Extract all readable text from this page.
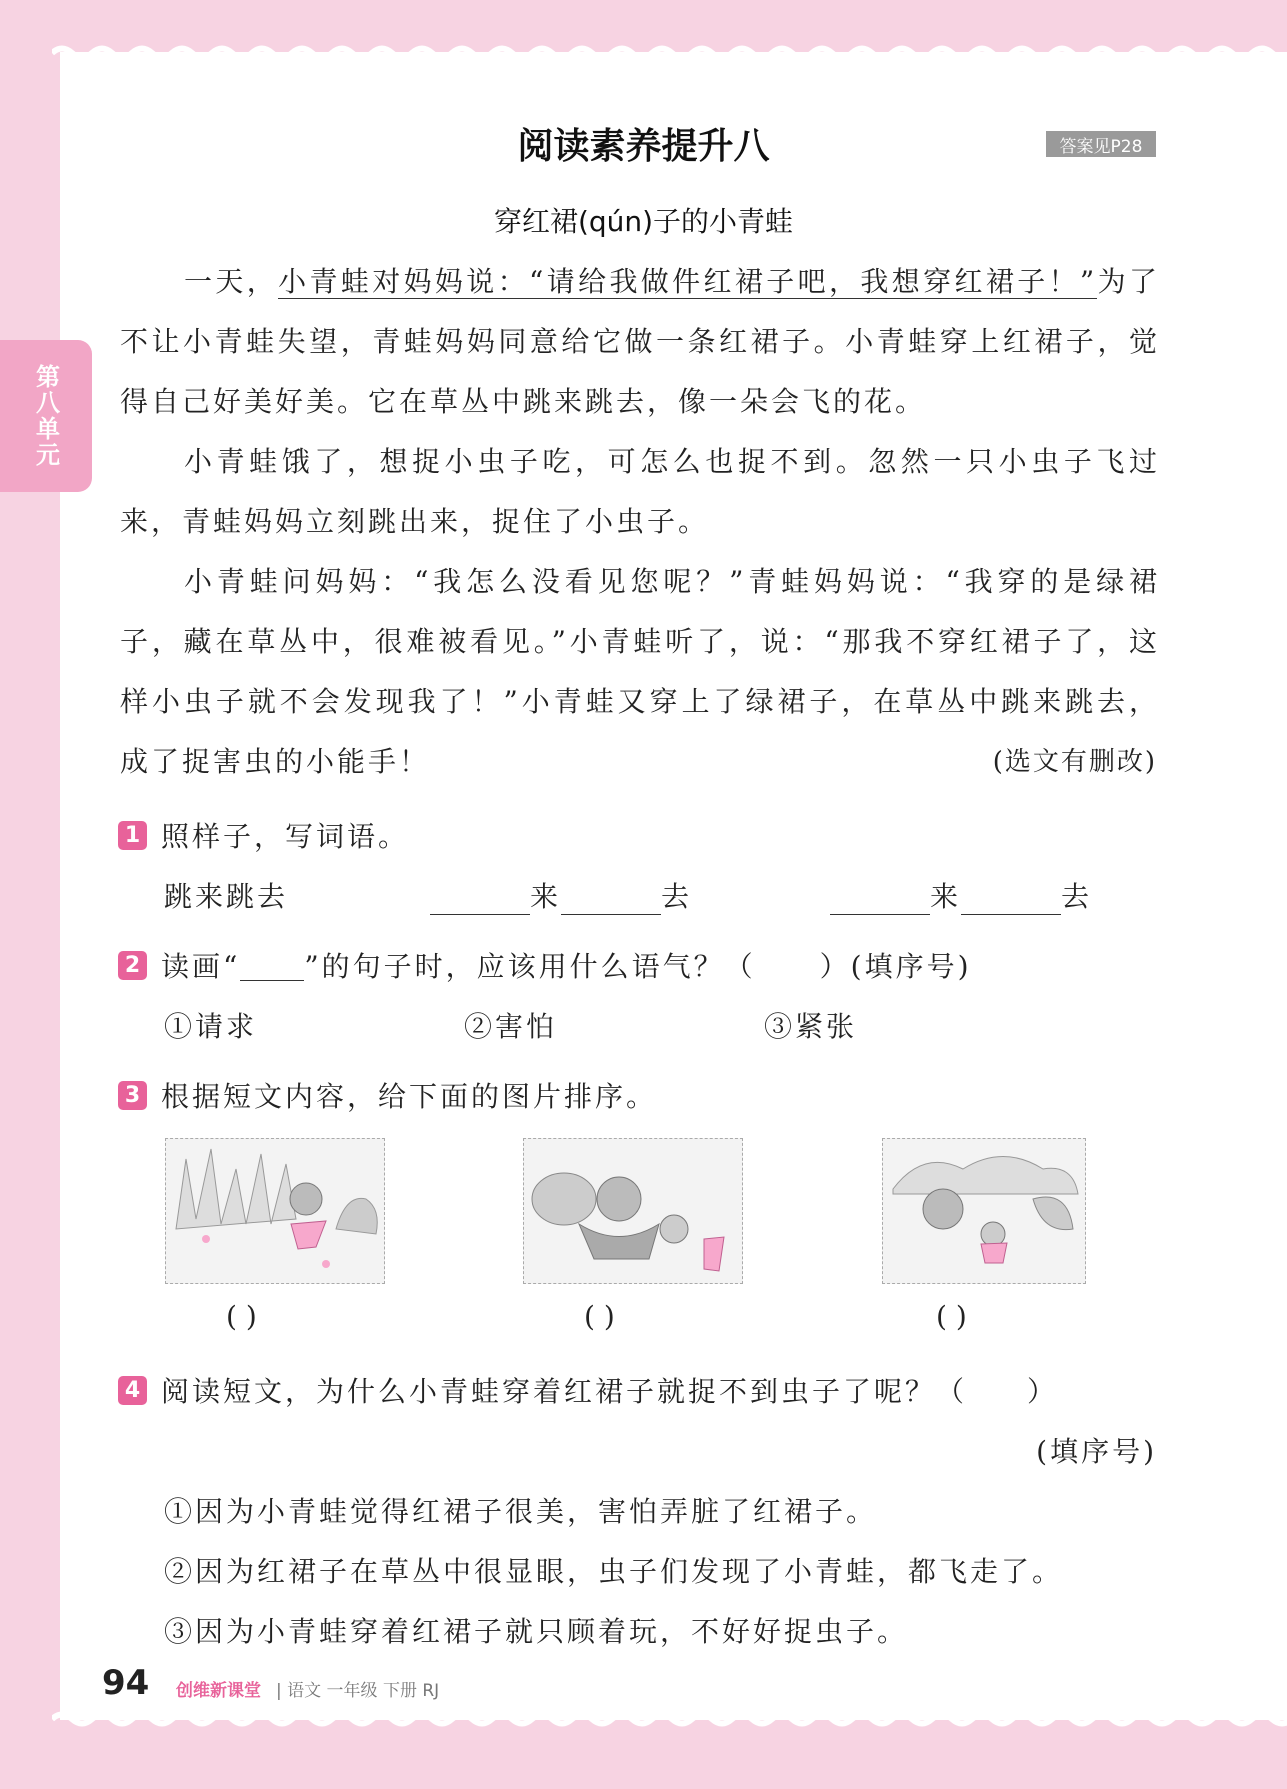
第八单元
阅读素养提升八	答案见P28
穿红裙(qún)子的小青蛙
一天，小青蛙对妈妈说：“请给我做件红裙子吧，我想穿红裙子！”为了不让小青蛙失望，青蛙妈妈同意给它做一条红裙子。小青蛙穿上红裙子，觉得自己好美好美。它在草丛中跳来跳去，像一朵会飞的花。
小青蛙饿了，想捉小虫子吃，可怎么也捉不到。忽然一只小虫子飞过来，青蛙妈妈立刻跳出来，捉住了小虫子。
小青蛙问妈妈：“我怎么没看见您呢？”青蛙妈妈说：“我穿的是绿裙子，藏在草丛中，很难被看见。”小青蛙听了，说：“那我不穿红裙子了，这样小虫子就不会发现我了！”小青蛙又穿上了绿裙子，在草丛中跳来跳去，成了捉害虫的小能手！	(选文有删改)
1 照样子，写词语。
跳来跳去	来	去	来	去
2 读画“ ”的句子时，应该用什么语气？（ ）(填序号)
①请求	②害怕	③紧张
3 根据短文内容，给下面的图片排序。
( )	( )	( )
4 阅读短文，为什么小青蛙穿着红裙子就捉不到虫子了呢？（ ）
(填序号)
①因为小青蛙觉得红裙子很美，害怕弄脏了红裙子。
②因为红裙子在草丛中很显眼，虫子们发现了小青蛙，都飞走了。
③因为小青蛙穿着红裙子就只顾着玩，不好好捉虫子。
94 创维新课堂 | 语文 一年级 下册 RJ
